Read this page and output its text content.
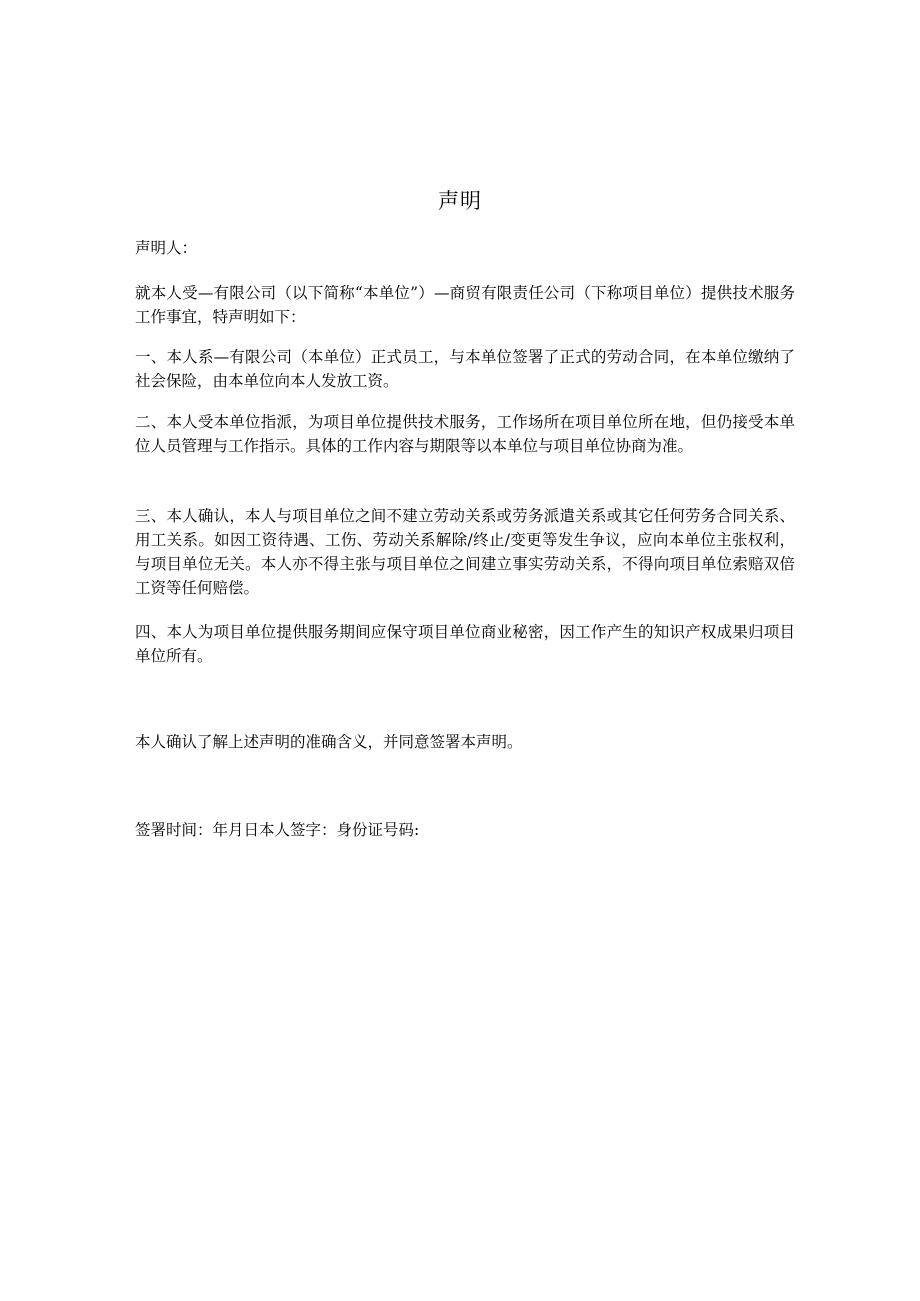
声明

声明人：

就本人受—有限公司（以下简称“本单位”）—商贸有限责任公司（下称项目单位）提供技术服务工作事宜，特声明如下：

一、本人系—有限公司（本单位）正式员工，与本单位签署了正式的劳动合同，在本单位缴纳了社会保险，由本单位向本人发放工资。

二、本人受本单位指派，为项目单位提供技术服务，工作场所在项目单位所在地，但仍接受本单位人员管理与工作指示。具体的工作内容与期限等以本单位与项目单位协商为准。

三、本人确认，本人与项目单位之间不建立劳动关系或劳务派遣关系或其它任何劳务合同关系、用工关系。如因工资待遇、工伤、劳动关系解除/终止/变更等发生争议，应向本单位主张权利，与项目单位无关。本人亦不得主张与项目单位之间建立事实劳动关系，不得向项目单位索赔双倍工资等任何赔偿。

四、本人为项目单位提供服务期间应保守项目单位商业秘密，因工作产生的知识产权成果归项目单位所有。

本人确认了解上述声明的准确含义，并同意签署本声明。

签署时间：年月日本人签字：身份证号码:
